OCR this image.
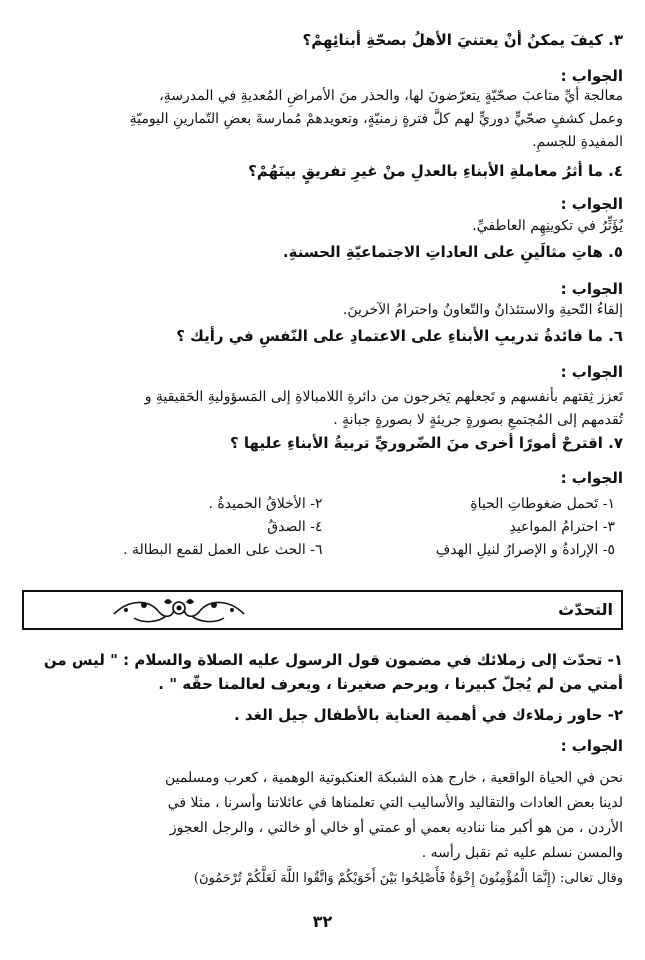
٣. كيفَ يمكنُ أنْ يعتنيَ الأهلُ بصحّةِ أبنائِهِمْ؟
الجواب :
معالجة أيِّ متاعبَ صحّيّةٍ يتعرّضونَ لها، والحذر منَ الأمراضِ المُعديةِ في المدرسةِ،
وعمل كشفٍ صحّيٍّ دوريٍّ لهم كلَّ فترةٍ زمنيّةٍ، وتعويدهمْ مُمارسةَ بعضِ التّمارينِ اليوميّةِ
المفيدةِ للجسمِ.
٤. ما أثرُ معاملةِ الأبناءِ بالعدلِ منْ غيرِ تفريقٍ بينَهُمْ؟
الجواب :
يُؤَثِّرُ في تكوينِهِم العاطفيِّ.
٥. هاتِ مثالَينِ على العاداتِ الاجتماعيّةِ الحسنةِ.
الجواب :
إلقاءُ التّحيةِ والاستئذانُ والتّعاونُ واحترامُ الآخرينَ.
٦. ما فائدةُ تدريبِ الأبناءِ على الاعتمادِ على النّفسِ في رأيك ؟
الجواب :
تَعزز ثِقتهم بأنفسهم و تَجعلهم يَخرجون من دائرةِ اللامبالاةِ إلى المَسؤوليةِ الحَقيقيةِ و
تُقدمهم إلى المُجتمعِ بصورةٍ جريئةٍ لا بصورةٍ جبانةٍ .
٧. اقترحْ أمورًا أخرى منَ الضّروريِّ تربيةُ الأبناءِ عليها ؟
الجواب :
١- تَحمل ضغوطاتِ الحياةِ
٢- الأخلاقُ الحميدةُ .
٣- احترامُ المواعيدِ
٤- الصدقُ
٥- الإرادةُ و الإصرارُ لنيلِ الهدفِ
٦- الحث على العمل لقمع البطالة .
التحدّث
١- تحدّث إلى زملائك في مضمون قول الرسول عليه الصلاة والسلام : " ليس من
أمتي من لم يُجلّ كبيرنا ، ويرحم صغيرنا ، ويعرف لعالمنا حقّه " .
٢- حاور زملاءك في أهمية العناية بالأطفال جيل الغد .
الجواب :
نحن في الحياة الواقعية ، خارج هذه الشبكة العنكبوتية الوهمية ، كعرب ومسلمين
لدينا بعض العادات والتقاليد والأساليب التي تعلمناها في عائلاتنا وأسرنا ، مثلا في
الأردن ، من هو أكبر منا نناديه بعمي أو عمتي أو خالي أو خالتي ، والرجل العجوز
والمسن نسلم عليه ثم نقبل رأسه .
وقال تعالى: (إِنَّمَا الْمُؤْمِنُونَ إِخْوَةٌ فَأَصْلِحُوا بَيْنَ أَخَوَيْكُمْ وَاتَّقُوا اللَّهَ لَعَلَّكُمْ تُرْحَمُونَ)
٣٢
